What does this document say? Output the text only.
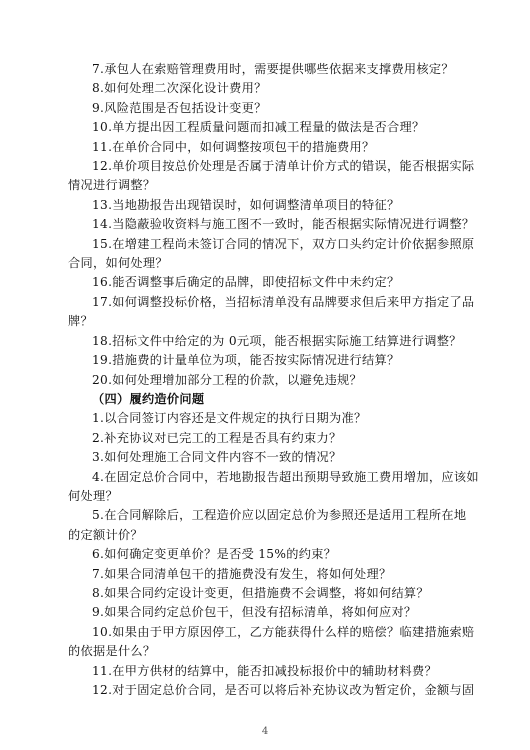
7.承包人在索赔管理费用时，需要提供哪些依据来支撑费用核定？
8.如何处理二次深化设计费用？
9.风险范围是否包括设计变更？
10.单方提出因工程质量问题而扣减工程量的做法是否合理？
11.在单价合同中，如何调整按项包干的措施费用？
12.单价项目按总价处理是否属于清单计价方式的错误，能否根据实际
情况进行调整？
13.当地勘报告出现错误时，如何调整清单项目的特征？
14.当隐蔽验收资料与施工图不一致时，能否根据实际情况进行调整？
15.在增建工程尚未签订合同的情况下，双方口头约定计价依据参照原
合同，如何处理？
16.能否调整事后确定的品牌，即使招标文件中未约定？
17.如何调整投标价格，当招标清单没有品牌要求但后来甲方指定了品
牌？
18.招标文件中给定的为 0元项，能否根据实际施工结算进行调整？
19.措施费的计量单位为项，能否按实际情况进行结算？
20.如何处理增加部分工程的价款，以避免违规？
（四）履约造价问题
1.以合同签订内容还是文件规定的执行日期为准？
2.补充协议对已完工的工程是否具有约束力？
3.如何处理施工合同文件内容不一致的情况？
4.在固定总价合同中，若地勘报告超出预期导致施工费用增加，应该如
何处理？
5.在合同解除后，工程造价应以固定总价为参照还是适用工程所在地
的定额计价？
6.如何确定变更单价？是否受 15%的约束？
7.如果合同清单包干的措施费没有发生，将如何处理？
8.如果合同约定设计变更，但措施费不会调整，将如何结算？
9.如果合同约定总价包干，但没有招标清单，将如何应对？
10.如果由于甲方原因停工，乙方能获得什么样的赔偿？临建措施索赔
的依据是什么？
11.在甲方供材的结算中，能否扣减投标报价中的辅助材料费？
12.对于固定总价合同，是否可以将后补充协议改为暂定价，金额与固
4
